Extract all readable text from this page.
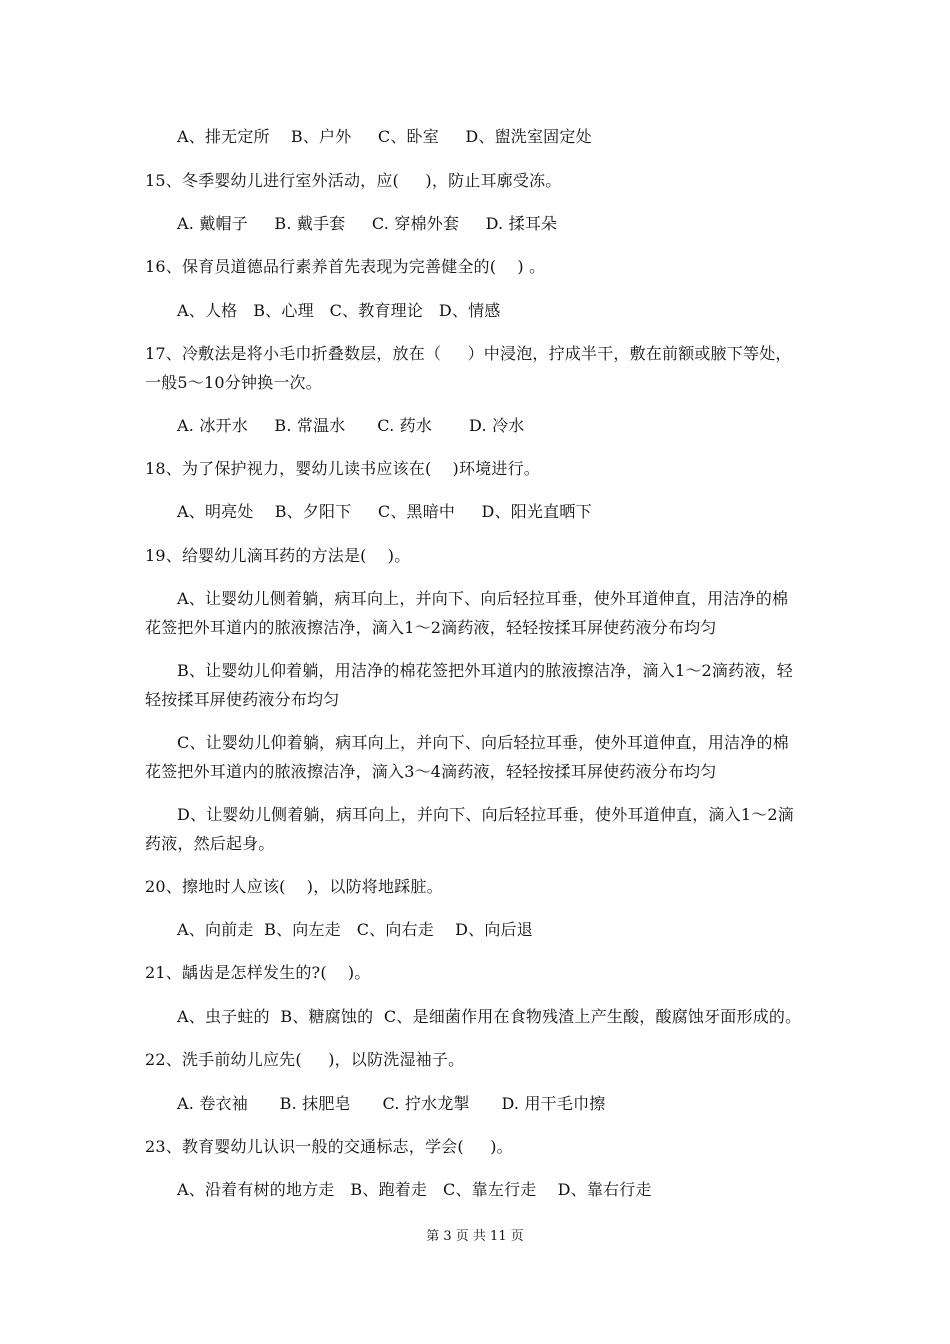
A、排无定所    B、户外     C、卧室     D、盥洗室固定处
15、冬季婴幼儿进行室外活动，应(     )，防止耳廓受冻。
A. 戴帽子     B. 戴手套     C. 穿棉外套     D. 揉耳朵
16、保育员道德品行素养首先表现为完善健全的(    ) 。
A、人格   B、心理   C、教育理论   D、情感
17、冷敷法是将小毛巾折叠数层，放在（     ）中浸泡，拧成半干，敷在前额或腋下等处，
一般5～10分钟换一次。
A. 冰开水     B. 常温水      C. 药水       D. 冷水
18、为了保护视力，婴幼儿读书应该在(    )环境进行。
A、明亮处    B、夕阳下     C、黑暗中     D、阳光直晒下
19、给婴幼儿滴耳药的方法是(    )。
A、让婴幼儿侧着躺，病耳向上，并向下、向后轻拉耳垂，使外耳道伸直，用洁净的棉
花签把外耳道内的脓液擦洁净，滴入1～2滴药液，轻轻按揉耳屏使药液分布均匀
B、让婴幼儿仰着躺，用洁净的棉花签把外耳道内的脓液擦洁净，滴入1～2滴药液，轻
轻按揉耳屏使药液分布均匀
C、让婴幼儿仰着躺，病耳向上，并向下、向后轻拉耳垂，使外耳道伸直，用洁净的棉
花签把外耳道内的脓液擦洁净，滴入3～4滴药液，轻轻按揉耳屏使药液分布均匀
D、让婴幼儿侧着躺，病耳向上，并向下、向后轻拉耳垂，使外耳道伸直，滴入1～2滴
药液，然后起身。
20、擦地时人应该(    )，以防将地踩脏。
A、向前走  B、向左走   C、向右走    D、向后退
21、龋齿是怎样发生的?(    )。
A、虫子蛀的  B、糖腐蚀的  C、是细菌作用在食物残渣上产生酸，酸腐蚀牙面形成的。
22、洗手前幼儿应先(     )，以防洗湿袖子。
A. 卷衣袖      B. 抹肥皂      C. 拧水龙掣      D. 用干毛巾擦
23、教育婴幼儿认识一般的交通标志，学会(     )。
A、沿着有树的地方走   B、跑着走   C、靠左行走    D、靠右行走
第 3 页 共 11 页
